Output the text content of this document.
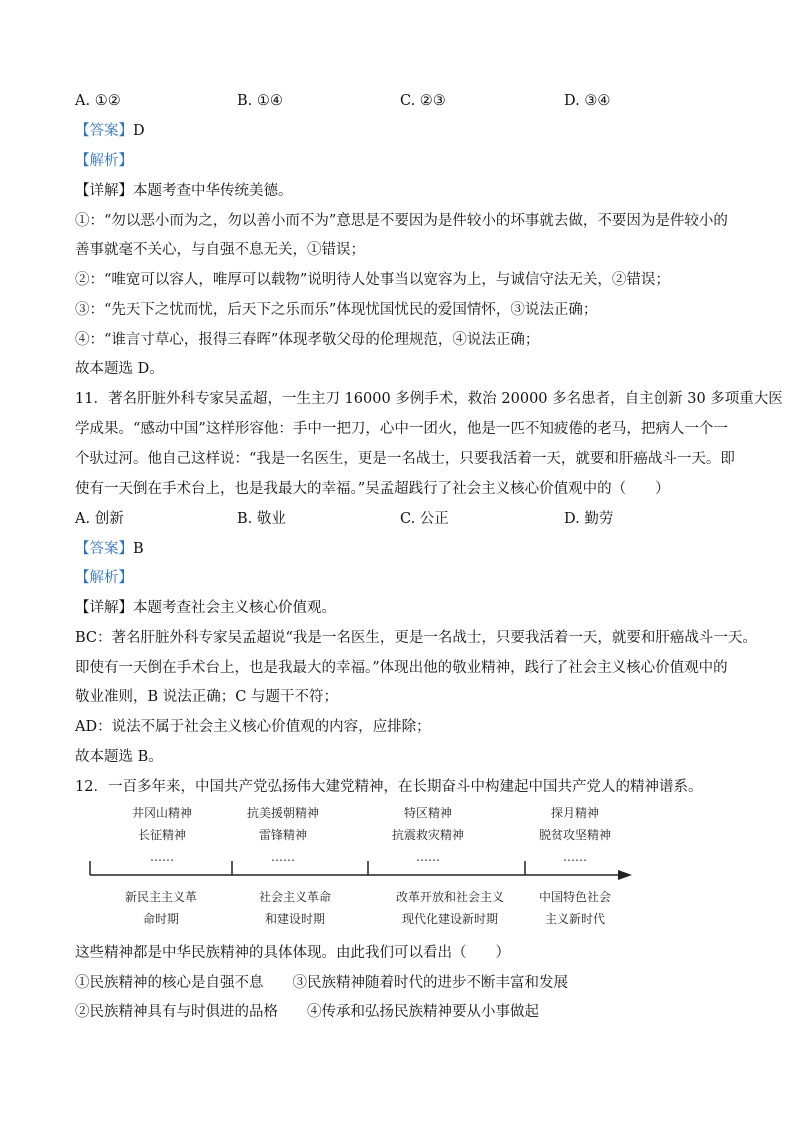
A. ①②	B. ①④	C. ②③	D. ③④
【答案】D
【解析】
【详解】本题考查中华传统美德。
①：“勿以恶小而为之，勿以善小而不为”意思是不要因为是件较小的坏事就去做，不要因为是件较小的
善事就毫不关心，与自强不息无关，①错误；
②：“唯宽可以容人，唯厚可以载物”说明待人处事当以宽容为上，与诚信守法无关，②错误；
③：“先天下之忧而忧，后天下之乐而乐”体现忧国忧民的爱国情怀，③说法正确；
④：“谁言寸草心，报得三春晖”体现孝敬父母的伦理规范，④说法正确；
故本题选 D。
11．著名肝脏外科专家吴孟超，一生主刀 16000 多例手术，救治 20000 多名患者，自主创新 30 多项重大医
学成果。“感动中国”这样形容他：手中一把刀，心中一团火，他是一匹不知疲倦的老马，把病人一个一
个驮过河。他自己这样说：“我是一名医生，更是一名战士，只要我活着一天，就要和肝癌战斗一天。即
使有一天倒在手术台上，也是我最大的幸福。”吴孟超践行了社会主义核心价值观中的（　　）
A. 创新	B. 敬业	C. 公正	D. 勤劳
【答案】B
【解析】
【详解】本题考查社会主义核心价值观。
BC：著名肝脏外科专家吴孟超说“我是一名医生，更是一名战士，只要我活着一天，就要和肝癌战斗一天。
即使有一天倒在手术台上，也是我最大的幸福。”体现出他的敬业精神，践行了社会主义核心价值观中的
敬业准则，B 说法正确；C 与题干不符；
AD：说法不属于社会主义核心价值观的内容，应排除；
故本题选 B。
12．一百多年来，中国共产党弘扬伟大建党精神，在长期奋斗中构建起中国共产党人的精神谱系。
井冈山精神
长征精神
……
抗美援朝精神
雷锋精神
……
特区精神
抗震救灾精神
……
探月精神
脱贫攻坚精神
……
新民主主义革
命时期
社会主义革命
和建设时期
改革开放和社会主义
现代化建设新时期
中国特色社会
主义新时代
这些精神都是中华民族精神的具体体现。由此我们可以看出（　　）
①民族精神的核心是自强不息　　③民族精神随着时代的进步不断丰富和发展
②民族精神具有与时俱进的品格　　④传承和弘扬民族精神要从小事做起
